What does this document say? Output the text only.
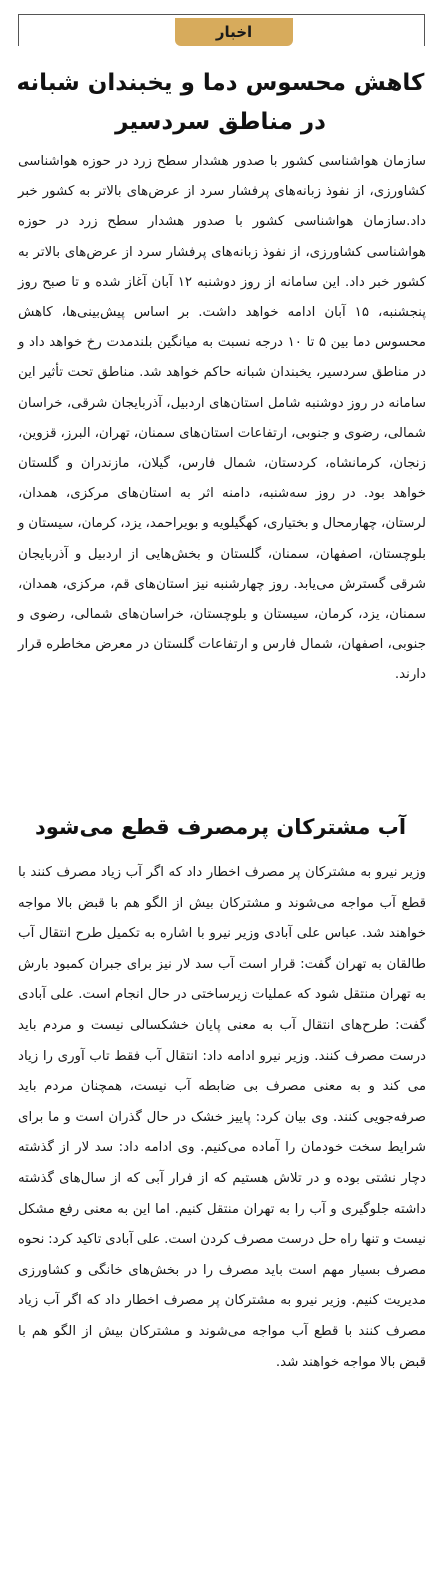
اخبار
کاهش محسوس دما و یخبندان شبانه در مناطق سردسیر

سازمان هواشناسی کشور با صدور هشدار سطح زرد در حوزه هواشناسی کشاورزی، از نفوذ زبانه‌های پرفشار سرد از عرض‌های بالاتر به کشور خبر داد.سازمان هواشناسی کشور با صدور هشدار سطح زرد در حوزه هواشناسی کشاورزی، از نفوذ زبانه‌های پرفشار سرد از عرض‌های بالاتر به کشور خبر داد. این سامانه از روز دوشنبه ۱۲ آبان آغاز شده و تا صبح روز پنجشنبه، ۱۵ آبان ادامه خواهد داشت. بر اساس پیش‌بینی‌ها، کاهش محسوس دما بین ۵ تا ۱۰ درجه نسبت به میانگین بلندمدت رخ خواهد داد و در مناطق سردسیر، یخبندان شبانه حاکم خواهد شد. مناطق تحت تأثیر این سامانه در روز دوشنبه شامل استان‌های اردبیل، آذربایجان شرقی، خراسان شمالی، رضوی و جنوبی، ارتفاعات استان‌های سمنان، تهران، البرز، قزوین، زنجان، کرمانشاه، کردستان، شمال فارس، گیلان، مازندران و گلستان خواهد بود. در روز سه‌شنبه، دامنه اثر به استان‌های مرکزی، همدان، لرستان، چهارمحال و بختیاری، کهگیلویه و بویراحمد، یزد، کرمان، سیستان و بلوچستان، اصفهان، سمنان، گلستان و بخش‌هایی از اردبیل و آذربایجان شرقی گسترش می‌یابد. روز چهارشنبه نیز استان‌های قم، مرکزی، همدان، سمنان، یزد، کرمان، سیستان و بلوچستان، خراسان‌های شمالی، رضوی و جنوبی، اصفهان، شمال فارس و ارتفاعات گلستان در معرض مخاطره قرار دارند.

آب مشترکان پرمصرف قطع می‌شود

وزیر نیرو به مشترکان پر مصرف اخطار داد که اگر آب زیاد مصرف کنند با قطع آب مواجه می‌شوند و مشترکان بیش از الگو هم با قبض بالا مواجه خواهند شد. عباس علی آبادی وزیر نیرو با اشاره به تکمیل طرح انتقال آب طالقان به تهران گفت: قرار است آب سد لار نیز برای جبران کمبود بارش به تهران منتقل شود که عملیات زیرساختی در حال انجام است. علی آبادی گفت: طرح‌های انتقال آب به معنی پایان خشکسالی نیست و مردم باید درست مصرف کنند. وزیر نیرو ادامه داد: انتقال آب فقط تاب آوری را زیاد می کند و به معنی مصرف بی ضابطه آب نیست، همچنان مردم باید صرفه‌جویی کنند. وی بیان کرد: پاییز خشک در حال گذران است و ما برای شرایط سخت خودمان را آماده می‌کنیم. وی ادامه داد: سد لار از گذشته دچار نشتی بوده و در تلاش هستیم که از فرار آبی که از سال‌های گذشته داشته جلوگیری و آب را به تهران منتقل کنیم. اما این به معنی رفع مشکل نیست و تنها راه حل درست مصرف کردن است. علی آبادی تاکید کرد: نحوه مصرف بسیار مهم است باید مصرف را در بخش‌های خانگی و کشاورزی مدیریت کنیم. وزیر نیرو به مشترکان پر مصرف اخطار داد که اگر آب زیاد مصرف کنند با قطع آب مواجه می‌شوند و مشترکان بیش از الگو هم با قبض بالا مواجه خواهند شد.
